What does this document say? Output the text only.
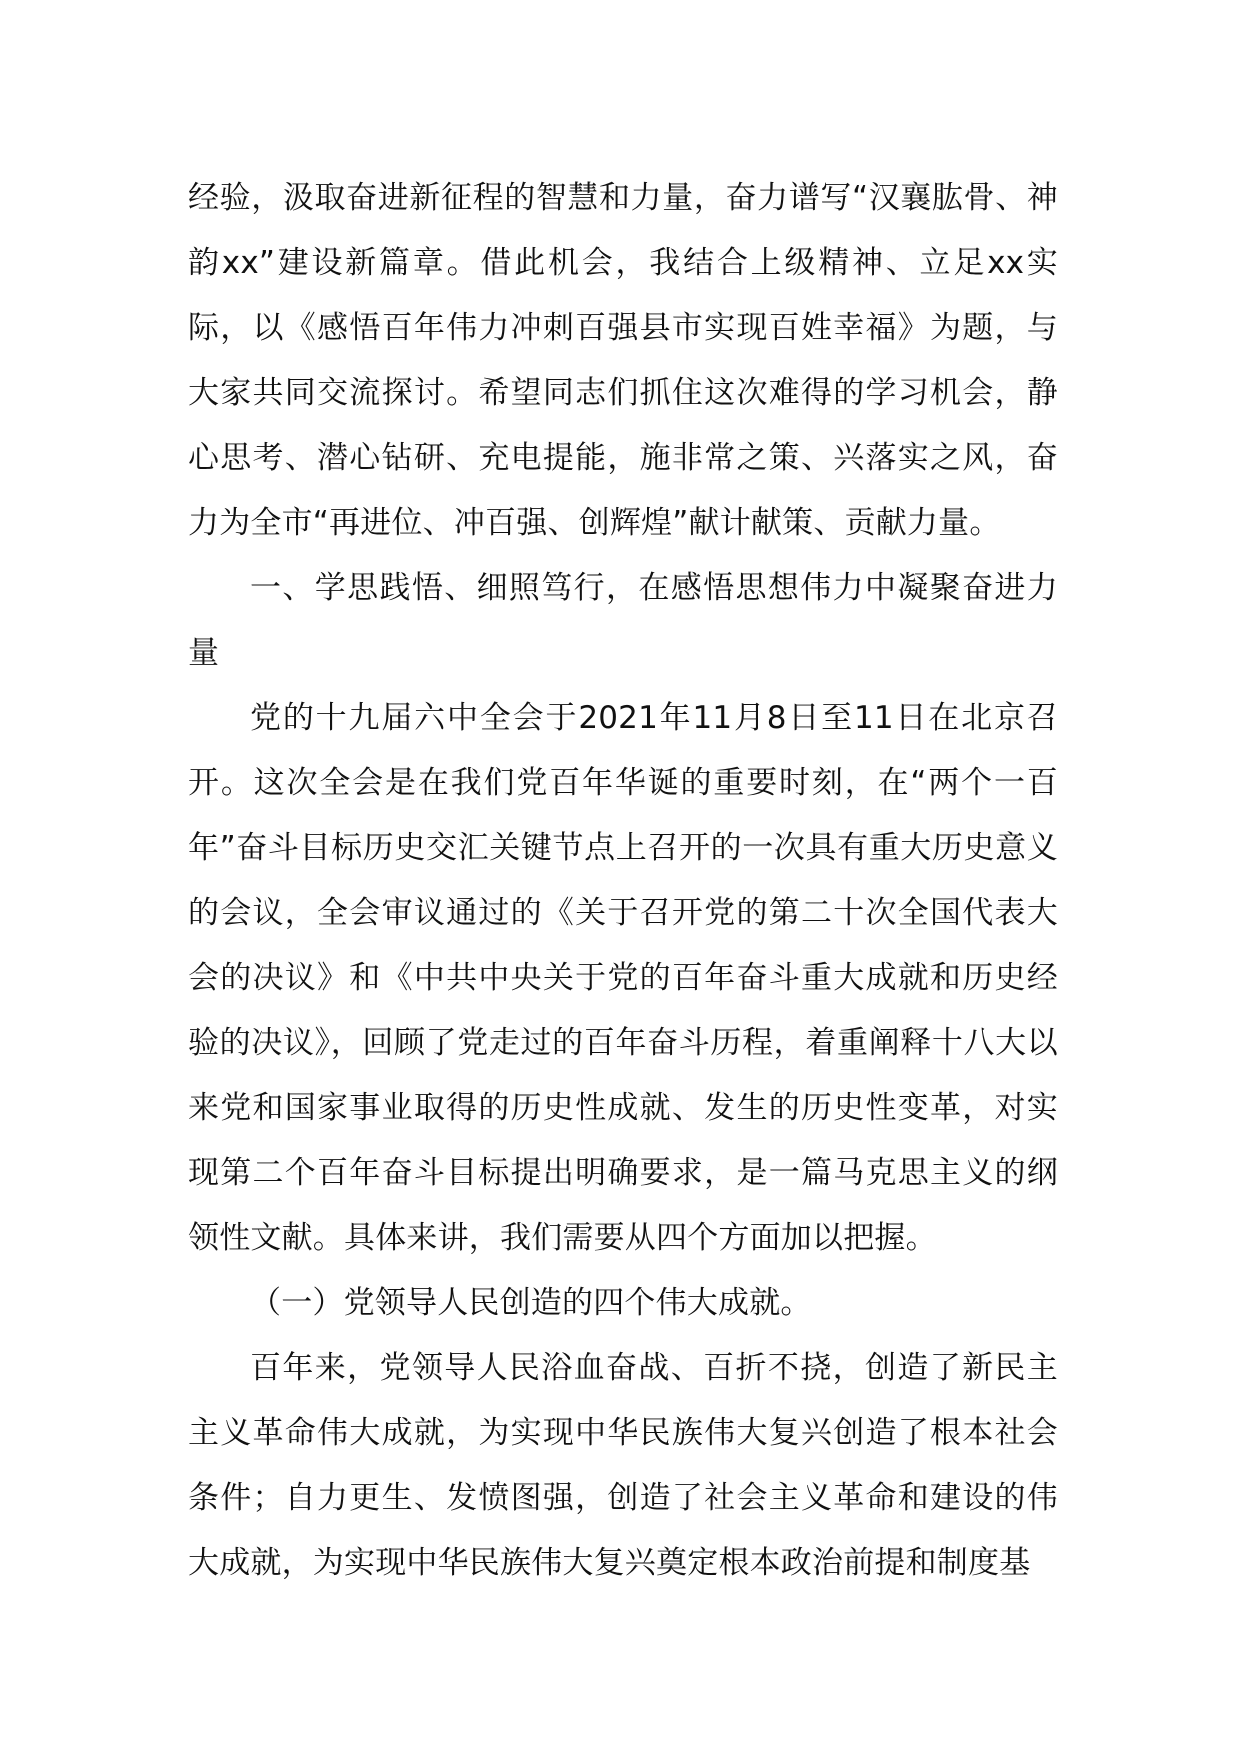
经验，汲取奋进新征程的智慧和力量，奋力谱写“汉襄肱骨、神韵xx”建设新篇章。借此机会，我结合上级精神、立足xx实际，以《感悟百年伟力冲刺百强县市实现百姓幸福》为题，与大家共同交流探讨。希望同志们抓住这次难得的学习机会，静心思考、潜心钻研、充电提能，施非常之策、兴落实之风，奋力为全市“再进位、冲百强、创辉煌”献计献策、贡献力量。

一、学思践悟、细照笃行，在感悟思想伟力中凝聚奋进力量

党的十九届六中全会于2021年11月8日至11日在北京召开。这次全会是在我们党百年华诞的重要时刻，在“两个一百年”奋斗目标历史交汇关键节点上召开的一次具有重大历史意义的会议，全会审议通过的《关于召开党的第二十次全国代表大会的决议》和《中共中央关于党的百年奋斗重大成就和历史经验的决议》，回顾了党走过的百年奋斗历程，着重阐释十八大以来党和国家事业取得的历史性成就、发生的历史性变革，对实现第二个百年奋斗目标提出明确要求，是一篇马克思主义的纲领性文献。具体来讲，我们需要从四个方面加以把握。

（一）党领导人民创造的四个伟大成就。

百年来，党领导人民浴血奋战、百折不挠，创造了新民主主义革命伟大成就，为实现中华民族伟大复兴创造了根本社会条件；自力更生、发愤图强，创造了社会主义革命和建设的伟大成就，为实现中华民族伟大复兴奠定根本政治前提和制度基
